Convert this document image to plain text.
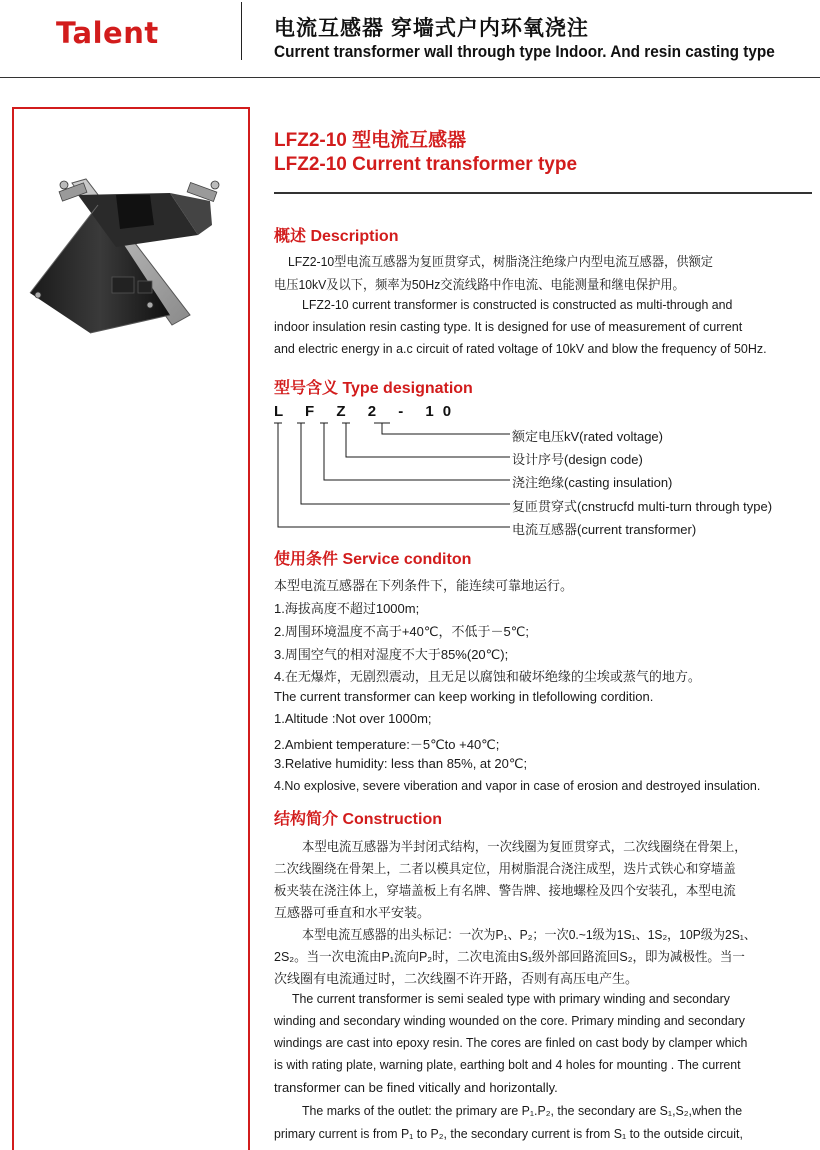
Talent	电流互感器 穿墙式户内环氧浇注
Current transformer wall through type Indoor. And resin casting type
LFZ2-10 型电流互感器
LFZ2-10 Current transformer type
概述 Description
LFZ2-10型电流互感器为复匝贯穿式，树脂浇注绝缘户内型电流互感器，供额定
电压10kV及以下，频率为50Hz交流线路中作电流、电能测量和继电保护用。
LFZ2-10 current transformer is constructed is constructed as multi-through and
indoor insulation resin casting type. It is designed for use of measurement of current
and electric energy in a.c circuit of rated voltage of 10kV and blow the frequency of 50Hz.
型号含义 Type designation
L F Z 2 - 10
额定电压kV(rated voltage)
设计序号(design code)
浇注绝缘(casting insulation)
复匝贯穿式(cnstrucfd multi-turn through type)
电流互感器(current transformer)
使用条件 Service conditon
本型电流互感器在下列条件下，能连续可靠地运行。
1.海拔高度不超过1000m;
2.周围环境温度不高于+40℃，不低于－5℃;
3.周围空气的相对湿度不大于85%(20℃);
4.在无爆炸，无剧烈震动，且无足以腐蚀和破坏绝缘的尘埃或蒸气的地方。
The current transformer can keep working in tlefollowing cordition.
1.Altitude :Not over 1000m;
2.Ambient temperature:－5℃to +40℃;
3.Relative humidity: less than 85%, at 20℃;
4.No explosive, severe viberation and vapor in case of erosion and destroyed insulation.
结构简介 Construction
本型电流互感器为半封闭式结构，一次线圈为复匝贯穿式，二次线圈绕在骨架上，
二次线圈绕在骨架上，二者以模具定位，用树脂混合浇注成型，迭片式铁心和穿墙盖
板夹装在浇注体上，穿墙盖板上有名牌、警告牌、接地螺栓及四个安装孔，本型电流
互感器可垂直和水平安装。
本型电流互感器的出头标记：一次为P₁、P₂；一次0.~1级为1S₁、1S₂，10P级为2S₁、
2S₂。当一次电流由P₁流向P₂时，二次电流由S₁级外部回路流回S₂，即为减极性。当一
次线圈有电流通过时，二次线圈不许开路，否则有高压电产生。
The current transformer is semi sealed type with primary winding and secondary
winding and secondary winding wounded on the core. Primary minding and secondary
windings are cast into epoxy resin. The cores are finled on cast body by clamper which
is with rating plate, warning plate, earthing bolt and 4 holes for mounting . The current
transformer can be fined vitically and horizontally.
The marks of the outlet: the primary are P₁.P₂, the secondary are S₁,S₂,when the
primary current is from P₁ to P₂, the secondary current is from S₁ to the outside circuit,
